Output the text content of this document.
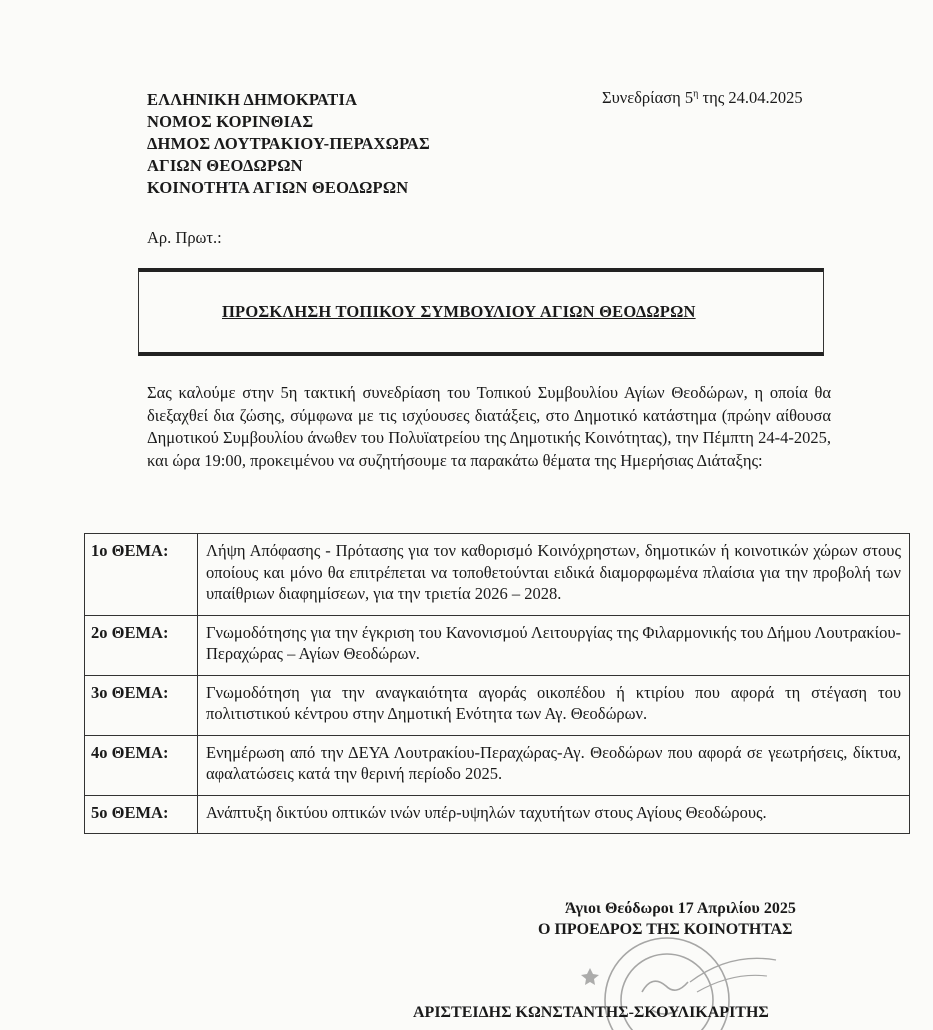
ΕΛΛΗΝΙΚΗ ΔΗΜΟΚΡΑΤΙΑ
ΝΟΜΟΣ ΚΟΡΙΝΘΙΑΣ
ΔΗΜΟΣ ΛΟΥΤΡΑΚΙΟΥ-ΠΕΡΑΧΩΡΑΣ
ΑΓΙΩΝ ΘΕΟΔΩΡΩΝ
ΚΟΙΝΟΤΗΤΑ ΑΓΙΩΝ ΘΕΟΔΩΡΩΝ
Συνεδρίαση $5^\eta$ της 24.04.2025
Αρ. Πρωτ.:
ΠΡΟΣΚΛΗΣΗ ΤΟΠΙΚΟΥ ΣΥΜΒΟΥΛΙΟΥ ΑΓΙΩΝ ΘΕΟΔΩΡΩΝ
Σας καλούμε στην 5η τακτική συνεδρίαση του Τοπικού Συμβουλίου Αγίων Θεοδώρων, η οποία θα διεξαχθεί δια ζώσης, σύμφωνα με τις ισχύουσες διατάξεις, στο Δημοτικό κατάστημα (πρώην αίθουσα Δημοτικού Συμβουλίου άνωθεν του Πολυϊατρείου της Δημοτικής Κοινότητας), την Πέμπτη 24-4-2025, και ώρα 19:00, προκειμένου να συζητήσουμε τα παρακάτω θέματα της Ημερήσιας Διάταξης:
1ο ΘΕΜΑ:	Λήψη Απόφασης - Πρότασης για τον καθορισμό Κοινόχρηστων, δημοτικών ή κοινοτικών χώρων στους οποίους και μόνο θα επιτρέπεται να τοποθετούνται ειδικά διαμορφωμένα πλαίσια για την προβολή των υπαίθριων διαφημίσεων, για την τριετία 2026 – 2028.
2ο ΘΕΜΑ:	Γνωμοδότησης για την έγκριση του Κανονισμού Λειτουργίας της Φιλαρμονικής του Δήμου Λουτρακίου- Περαχώρας – Αγίων Θεοδώρων.
3ο ΘΕΜΑ:	Γνωμοδότηση για την αναγκαιότητα αγοράς οικοπέδου ή κτιρίου που αφορά τη στέγαση του πολιτιστικού κέντρου στην Δημοτική Ενότητα των Αγ. Θεοδώρων.
4ο ΘΕΜΑ:	Ενημέρωση από την ΔΕΥΑ Λουτρακίου-Περαχώρας-Αγ. Θεοδώρων που αφορά σε γεωτρήσεις, δίκτυα, αφαλατώσεις κατά την θερινή περίοδο 2025.
5ο ΘΕΜΑ:	Ανάπτυξη δικτύου οπτικών ινών υπέρ-υψηλών ταχυτήτων στους Αγίους Θεοδώρους.
Άγιοι Θεόδωροι 17 Απριλίου 2025
Ο ΠΡΟΕΔΡΟΣ ΤΗΣ ΚΟΙΝΟΤΗΤΑΣ
ΑΡΙΣΤΕΙΔΗΣ ΚΩΝΣΤΑΝΤΗΣ-ΣΚΟΥΛΙΚΑΡΙΤΗΣ
